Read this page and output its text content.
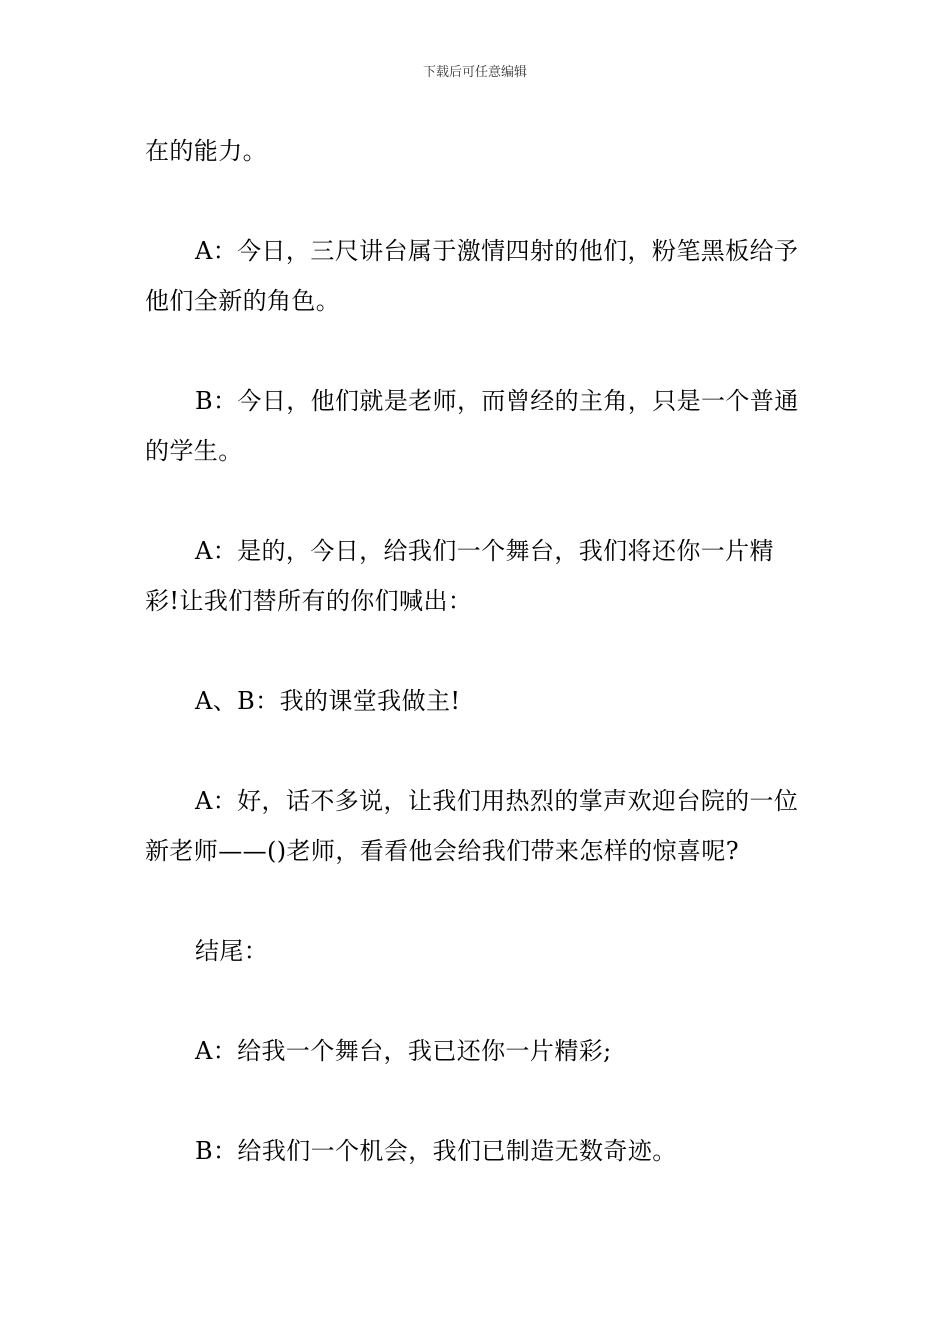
下载后可任意编辑

在的能力。

A：今日，三尺讲台属于激情四射的他们，粉笔黑板给予他们全新的角色。

B：今日，他们就是老师，而曾经的主角，只是一个普通的学生。

A：是的，今日，给我们一个舞台，我们将还你一片精彩!让我们替所有的你们喊出：

A、B：我的课堂我做主!

A：好，话不多说，让我们用热烈的掌声欢迎台院的一位新老师——()老师，看看他会给我们带来怎样的惊喜呢?

结尾：

A：给我一个舞台，我已还你一片精彩;

B：给我们一个机会，我们已制造无数奇迹。
